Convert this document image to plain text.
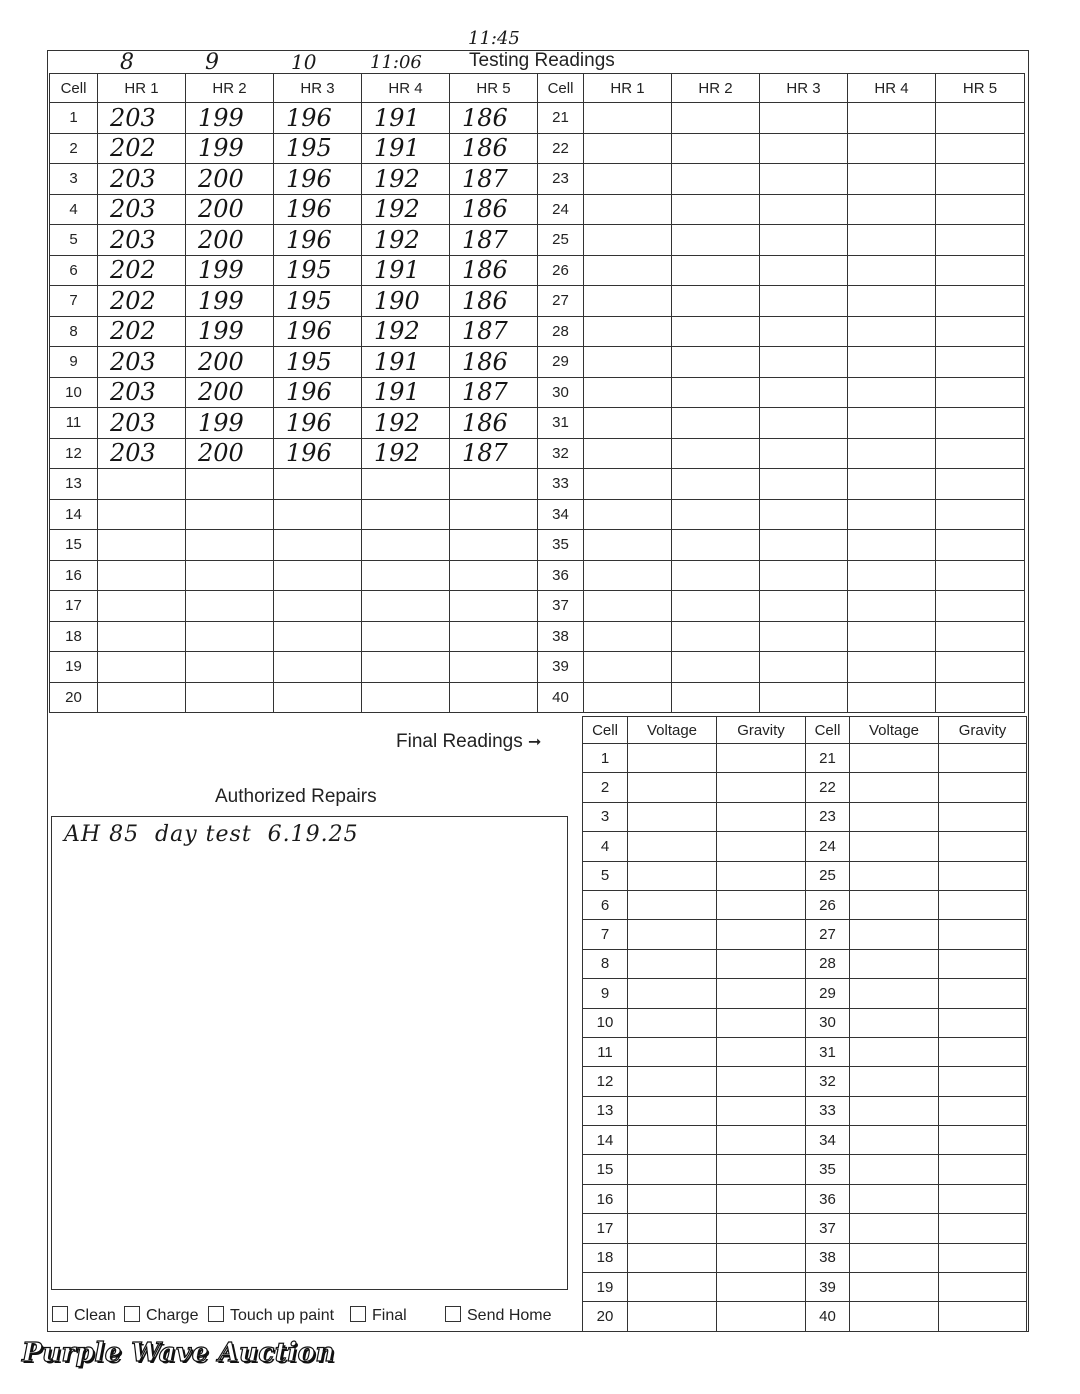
8	9	10	11:06
11:45
Testing Readings
Cell	HR 1	HR 2	HR 3	HR 4	HR 5	Cell	HR 1	HR 2	HR 3	HR 4	HR 5
1	203	199	196	191	186	21					
2	202	199	195	191	186	22					
3	203	200	196	192	187	23					
4	203	200	196	192	186	24					
5	203	200	196	192	187	25					
6	202	199	195	191	186	26					
7	202	199	195	190	186	27					
8	202	199	196	192	187	28					
9	203	200	195	191	186	29					
10	203	200	196	191	187	30					
11	203	199	196	192	186	31					
12	203	200	196	192	187	32					
13						33					
14						34					
15						35					
16						36					
17						37					
18						38					
19						39					
20						40					
Final Readings ➞
Cell	Voltage	Gravity	Cell	Voltage	Gravity
1			21		
2			22		
3			23		
4			24		
5			25		
6			26		
7			27		
8			28		
9			29		
10			30		
11			31		
12			32		
13			33		
14			34		
15			35		
16			36		
17			37		
18			38		
19			39		
20			40		
Authorized Repairs
AH 85  day test  6.19.25
Clean	Charge	Touch up paint	Final	Send Home
Purple Wave Auction
